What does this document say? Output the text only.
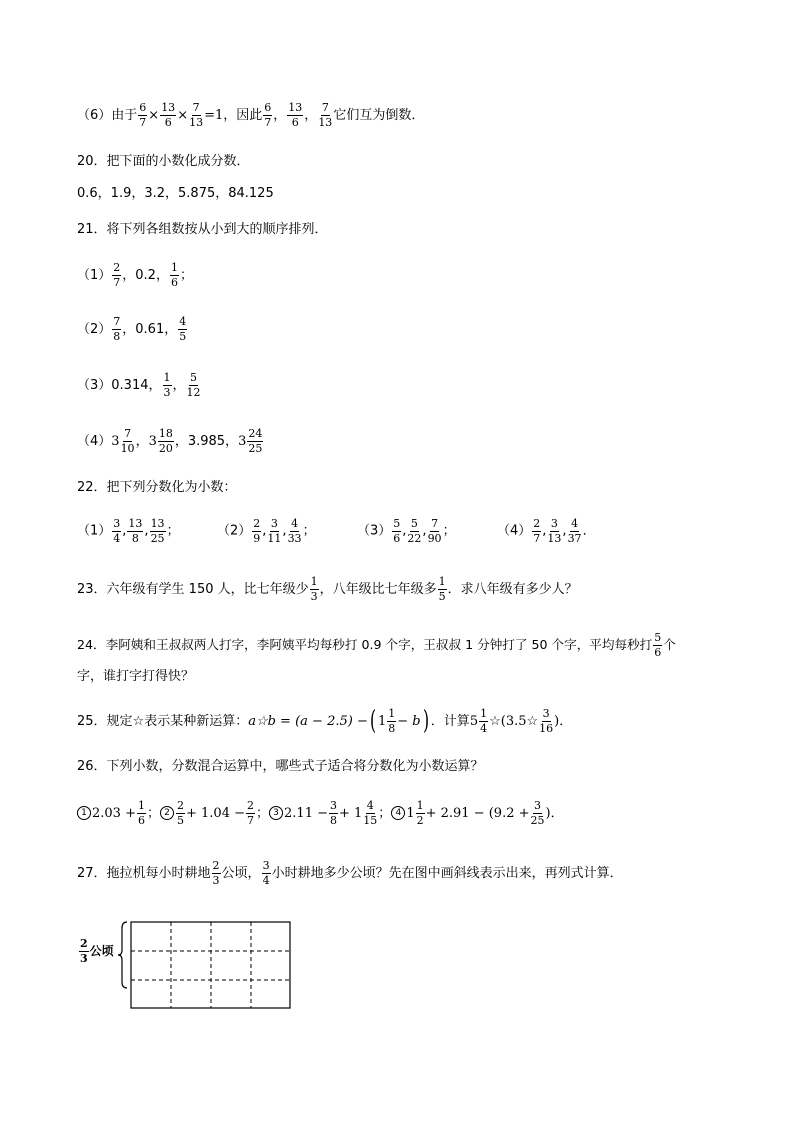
（6）由于 $\frac{6}{7} \times \frac{13}{6} \times \frac{7}{13} =1$ ，因此 $\frac{6}{7}$ ， $\frac{13}{6}$ ， $\frac{7}{13}$ 它们互为倒数．
20．把下面的小数化成分数．
0.6，1.9，3.2，5.875，84.125
21．将下列各组数按从小到大的顺序排列．
$(1) \frac{2}{7}$ ，0.2， $\frac{1}{6}$ ；
$(2) \frac{7}{8}$ ，0.61， $\frac{4}{5}$
（3）0.314， $\frac{1}{3}$ ， $\frac{5}{12}$
（4） $3 \frac{7}{10}$ ， $3 \frac{18}{20}$ ，3.985， $3 \frac{24}{25}$
22．把下列分数化为小数：
$(1) \frac{3}{4}$ , $\frac{13}{8}$ , $\frac{13}{25}$ ；	$(2) \frac{2}{9}$ , $\frac{3}{11}$ , $\frac{4}{33}$ ；	$(3) \frac{5}{6}$ , $\frac{5}{22}$ , $\frac{7}{90}$ ；	$(4) \frac{2}{7}$ , $\frac{3}{13}$ , $\frac{4}{37}$ ．
23．六年级有学生 150 人，比七年级少 $\frac{1}{3}$ ，八年级比七年级多 $\frac{1}{5}$ ．求八年级有多少人？
24．李阿姨和王叔叔两人打字，李阿姨平均每秒打 0.9 个字，王叔叔 1 分钟打了 50 个字，平均每秒打 $\frac{5}{6}$ 个
字，谁打字打得快？
25．规定☆表示某种新运算： a☆b = (a − 2.5) − ( $1 \frac{1}{8} - b$ ) ．计算 $5 \frac{1}{4}$ ☆(3.5☆ $\frac{3}{16}$ )．
26．下列小数，分数混合运算中，哪些式子适合将分数化为小数运算？
1 $2.03 + \frac{1}{6}$ ； $2 \frac{2}{5} + 1.04 - \frac{2}{7}$ ； 3 $2.11 - \frac{3}{8} + 1 \frac{4}{15}$ ； 4 $1 \frac{1}{2} + 2.91 - (9.2 + \frac{3}{25}$ )．
27．拖拉机每小时耕地 $\frac{2}{3}$ 公顷， $\frac{3}{4}$ 小时耕地多少公顷？先在图中画斜线表示出来，再列式计算．
$\frac{2}{3}$ 公顷
